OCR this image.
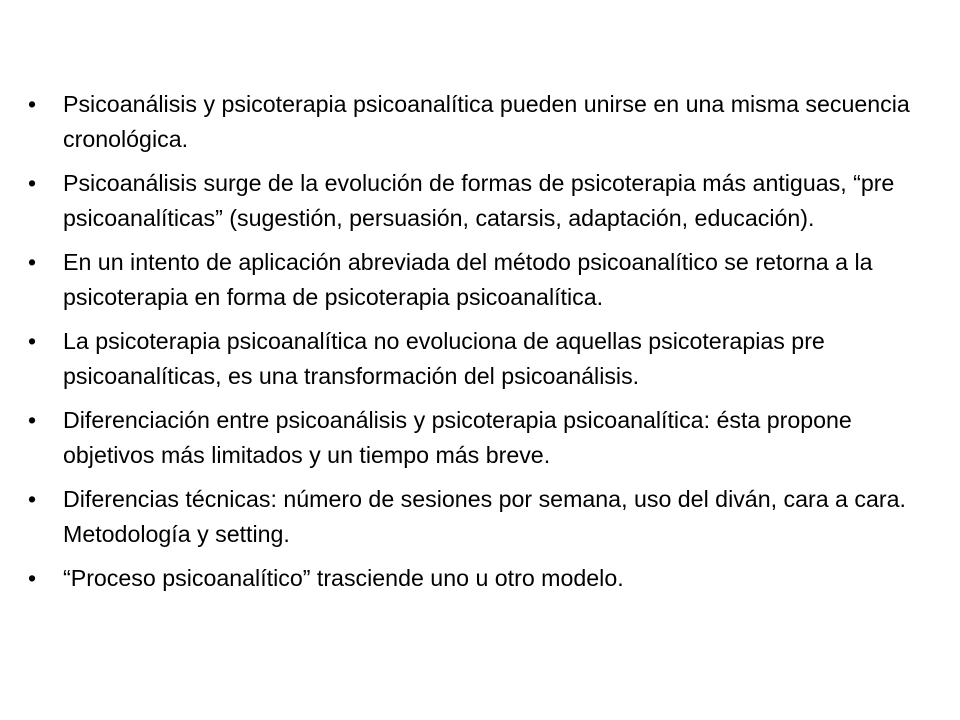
• Psicoanálisis y psicoterapia psicoanalítica pueden unirse en una misma secuencia cronológica.
• Psicoanálisis surge de la evolución de formas de psicoterapia más antiguas, “pre psicoanalíticas” (sugestión, persuasión, catarsis, adaptación, educación).
• En un intento de aplicación abreviada del método psicoanalítico se retorna a la psicoterapia en forma de psicoterapia psicoanalítica.
• La psicoterapia psicoanalítica no evoluciona de aquellas psicoterapias pre psicoanalíticas, es una transformación del psicoanálisis.
• Diferenciación entre psicoanálisis y psicoterapia psicoanalítica: ésta propone objetivos más limitados y un tiempo más breve.
• Diferencias técnicas: número de sesiones por semana, uso del diván, cara a cara. Metodología y setting.
• “Proceso psicoanalítico” trasciende uno u otro modelo.
